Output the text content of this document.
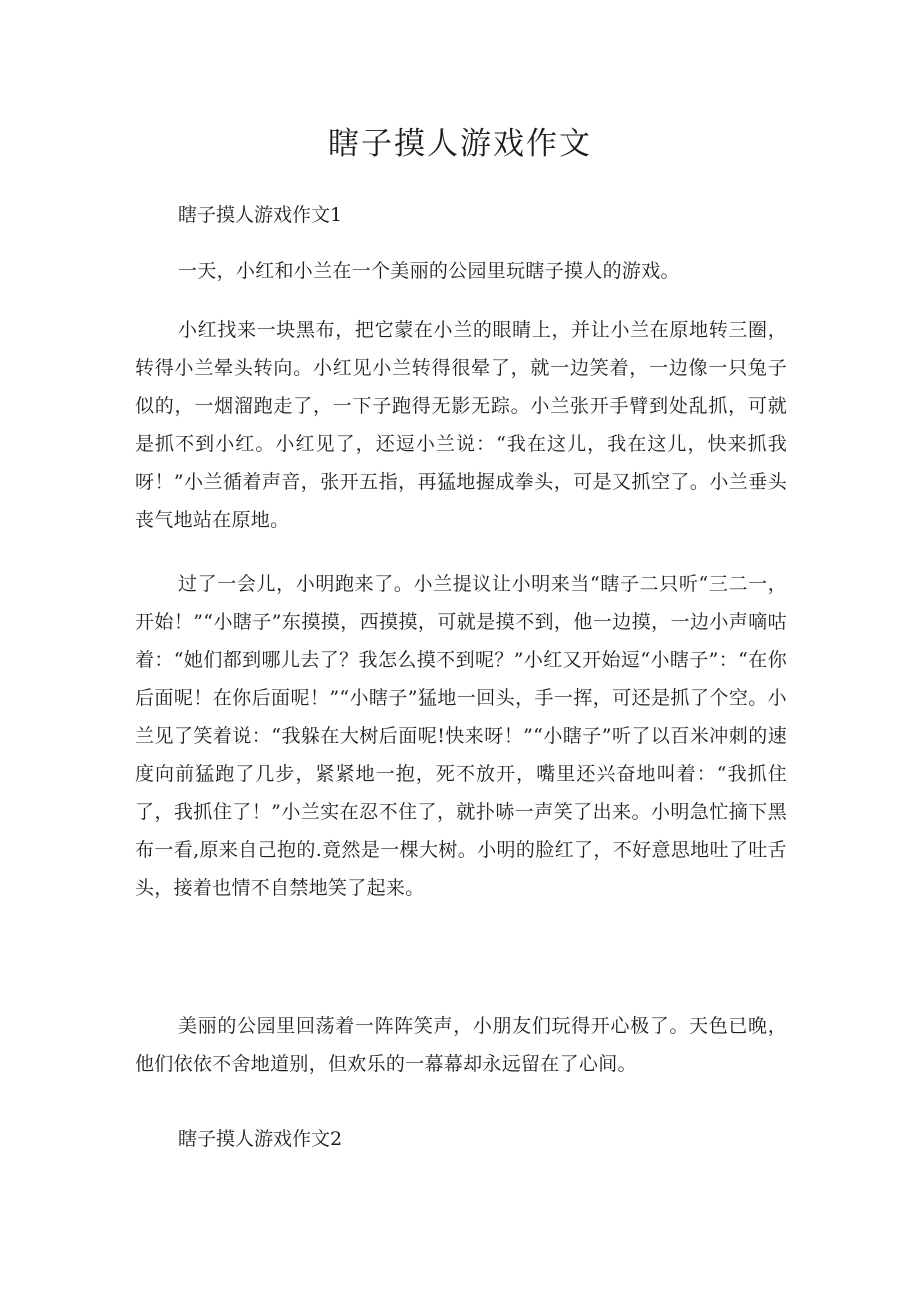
瞎子摸人游戏作文
瞎子摸人游戏作文1
一天，小红和小兰在一个美丽的公园里玩瞎子摸人的游戏。
小红找来一块黑布，把它蒙在小兰的眼睛上，并让小兰在原地转三圈，转得小兰晕头转向。小红见小兰转得很晕了，就一边笑着，一边像一只兔子似的，一烟溜跑走了，一下子跑得无影无踪。小兰张开手臂到处乱抓，可就是抓不到小红。小红见了，还逗小兰说：“我在这儿，我在这儿，快来抓我呀！”小兰循着声音，张开五指，再猛地握成拳头，可是又抓空了。小兰垂头丧气地站在原地。
过了一会儿，小明跑来了。小兰提议让小明来当“瞎子二只听“三二一，开始！”“小瞎子”东摸摸，西摸摸，可就是摸不到，他一边摸，一边小声嘀咕着：“她们都到哪儿去了？我怎么摸不到呢？”小红又开始逗“小瞎子”：“在你后面呢！在你后面呢！”“小瞎子”猛地一回头，手一挥，可还是抓了个空。小兰见了笑着说：“我躲在大树后面呢!快来呀！”“小瞎子”听了以百米冲刺的速度向前猛跑了几步，紧紧地一抱，死不放开，嘴里还兴奋地叫着：“我抓住了，我抓住了！”小兰实在忍不住了，就扑哧一声笑了出来。小明急忙摘下黑布一看,原来自己抱的.竟然是一棵大树。小明的脸红了，不好意思地吐了吐舌头，接着也情不自禁地笑了起来。
美丽的公园里回荡着一阵阵笑声，小朋友们玩得开心极了。天色已晚，他们依依不舍地道别，但欢乐的一幕幕却永远留在了心间。
瞎子摸人游戏作文2
